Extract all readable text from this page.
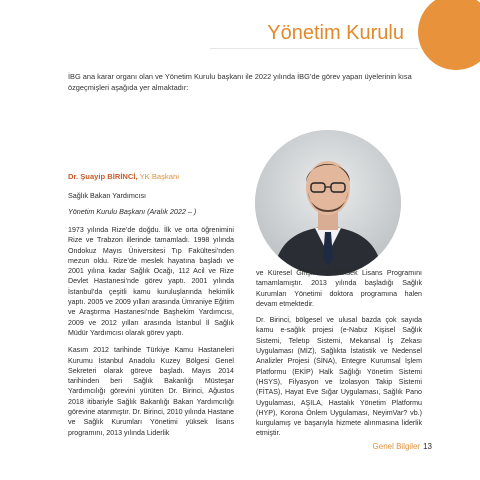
Yönetim Kurulu
İBG ana karar organı olan ve Yönetim Kurulu başkanı ile 2022 yılında İBG’de görev yapan üyelerinin kısa özgeçmişleri aşağıda yer almaktadır:
Dr. Şuayip BİRİNCİ, YK Başkanı
Sağlık Bakan Yardımcısı
Yönetim Kurulu Başkanı (Aralık 2022 – )

1973 yılında Rize’de doğdu. İlk ve orta öğrenimini Rize ve Trabzon illerinde tamamladı. 1998 yılında Ondokuz Mayıs Üniversitesi Tıp Fakültesi’nden mezun oldu. Rize’de meslek hayatına başladı ve 2001 yılına kadar Sağlık Ocağı, 112 Acil ve Rize Devlet Hastanesi’nde görev yaptı. 2001 yılında İstanbul’da çeşitli kamu kuruluşlarında hekimlik yaptı. 2005 ve 2009 yılları arasında Ümraniye Eğitim ve Araştırma Hastanesi’nde Başhekim Yardımcısı, 2009 ve 2012 yılları arasında İstanbul İl Sağlık Müdür Yardımcısı olarak görev yaptı.

Kasım 2012 tarihinde Türkiye Kamu Hastaneleri Kurumu İstanbul Anadolu Kuzey Bölgesi Genel Sekreteri olarak göreve başladı. Mayıs 2014 tarihinden beri Sağlık Bakanlığı Müsteşar Yardımcılığı görevini yürüten Dr. Birinci, Ağustos 2018 itibariyle Sağlık Bakanlığı Bakan Yardımcılığı görevine atanmıştır. Dr. Birinci, 2010 yılında Hastane ve Sağlık Kurumları Yönetimi yüksek lisans programını, 2013 yılında Liderlik

ve Küresel Girişimcilik Yüksek Lisans Programını tamamlamıştır. 2013 yılında başladığı Sağlık Kurumları Yönetimi doktora programına halen devam etmektedir.

Dr. Birinci, bölgesel ve ulusal bazda çok sayıda kamu e-sağlık projesi (e-Nabız Kişisel Sağlık Sistemi, Teletıp Sistemi, Mekansal İş Zekası Uygulaması (MİZ), Sağlıkta İstatistik ve Nedensel Analizler Projesi (SİNA), Entegre Kurumsal İşlem Platformu (EKİP) Halk Sağlığı Yönetim Sistemi (HSYS), Filyasyon ve İzolasyon Takip Sistemi (FİTAS), Hayat Eve Sığar Uygulaması, Sağlık Pano Uygulaması, AŞILA, Hastalık Yönetim Platformu (HYP), Korona Önlem Uygulaması, NeyimVar? vb.) kurgulamış ve başarıyla hizmete alınmasına liderlik etmiştir.

Genel Bilgiler 13
